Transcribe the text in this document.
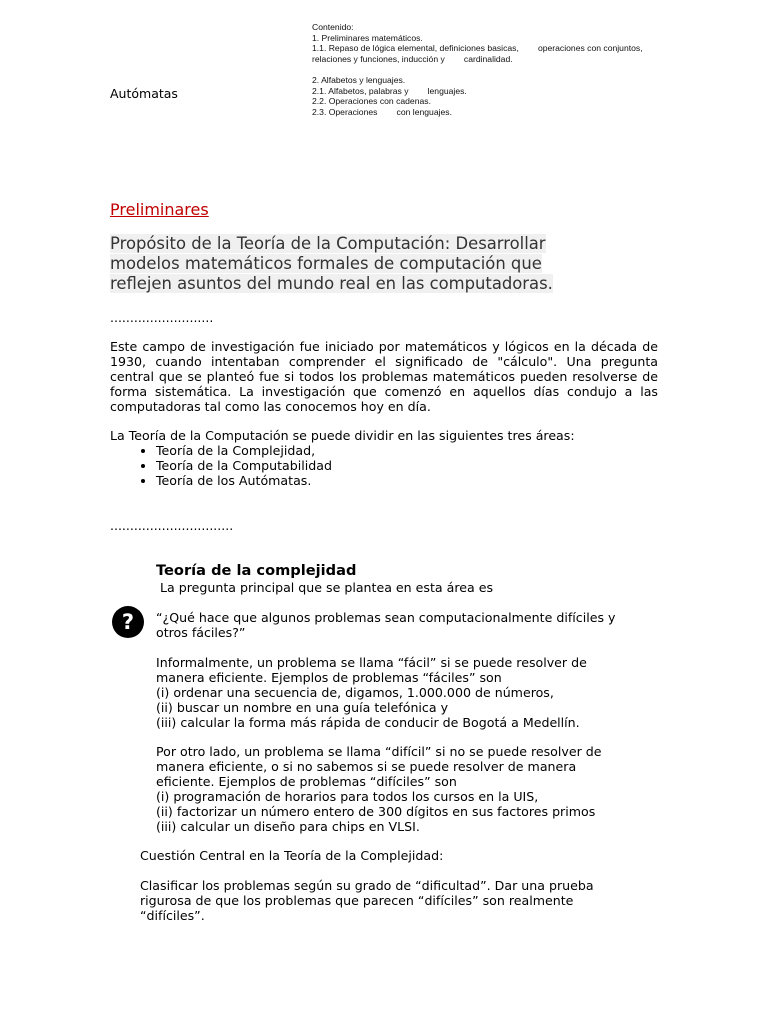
Contenido:
1. Preliminares matemáticos.
1.1. Repaso de lógica elemental, definiciones basicas,        operaciones con conjuntos,
relaciones y funciones, inducción y        cardinalidad.
2. Alfabetos y lenguajes.
2.1. Alfabetos, palabras y        lenguajes.
2.2. Operaciones con cadenas.
2.3. Operaciones        con lenguajes.
Autómatas
Preliminares
Propósito de la Teoría de la Computación: Desarrollar
modelos matemáticos formales de computación que
reflejen asuntos del mundo real en las computadoras.
..........................
Este campo de investigación fue iniciado por matemáticos y lógicos en la década de 1930, cuando intentaban comprender el significado de "cálculo". Una pregunta central que se planteó fue si todos los problemas matemáticos pueden resolverse de forma sistemática. La investigación que comenzó en aquellos días condujo a las computadoras tal como las conocemos hoy en día.
La Teoría de la Computación se puede dividir en las siguientes tres áreas:
• Teoría de la Complejidad,
• Teoría de la Computabilidad
• Teoría de los Autómatas.
...............................
Teoría de la complejidad
La pregunta principal que se plantea en esta área es
?	“¿Qué hace que algunos problemas sean computacionalmente difíciles y
otros fáciles?”
Informalmente, un problema se llama “fácil” si se puede resolver de
manera eficiente. Ejemplos de problemas “fáciles” son
(i) ordenar una secuencia de, digamos, 1.000.000 de números,
(ii) buscar un nombre en una guía telefónica y
(iii) calcular la forma más rápida de conducir de Bogotá a Medellín.
Por otro lado, un problema se llama “difícil” si no se puede resolver de
manera eficiente, o si no sabemos si se puede resolver de manera
eficiente. Ejemplos de problemas “difíciles” son
(i) programación de horarios para todos los cursos en la UIS,
(ii) factorizar un número entero de 300 dígitos en sus factores primos
(iii) calcular un diseño para chips en VLSI.
Cuestión Central en la Teoría de la Complejidad:
Clasificar los problemas según su grado de “dificultad”. Dar una prueba
rigurosa de que los problemas que parecen “difíciles” son realmente
“difíciles”.
